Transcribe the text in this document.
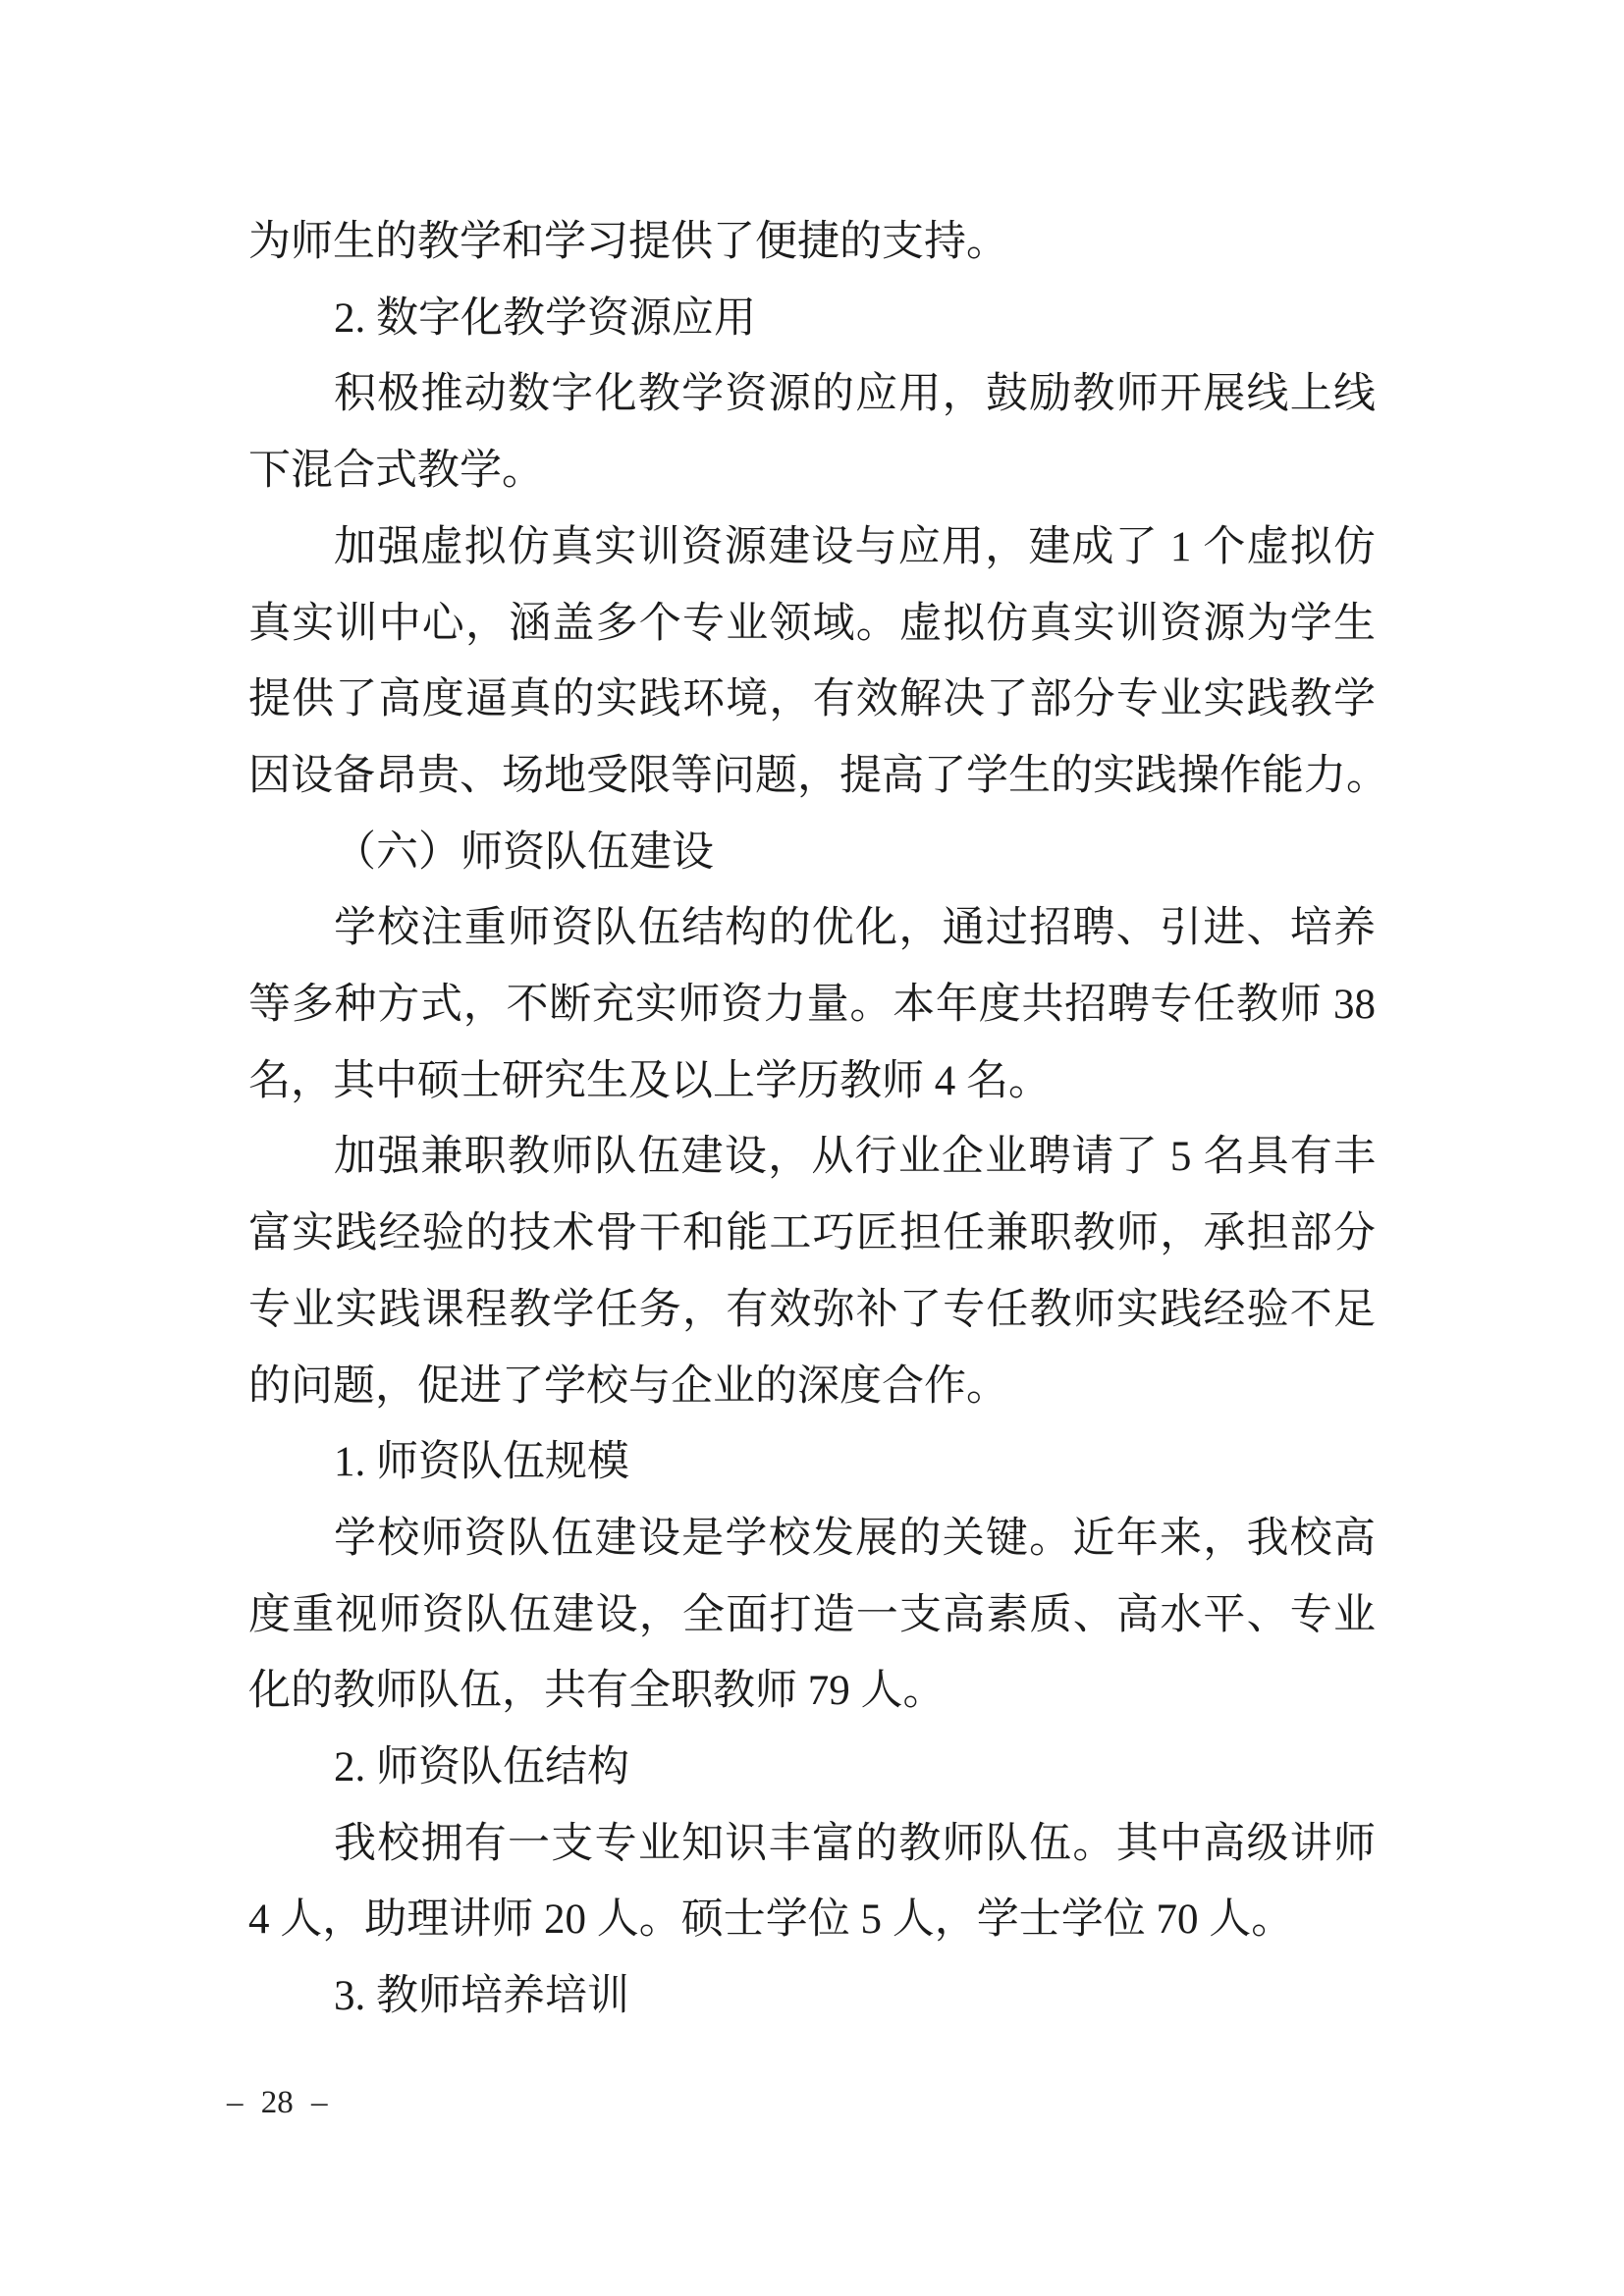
为师生的教学和学习提供了便捷的支持。
2. 数字化教学资源应用
积极推动数字化教学资源的应用，鼓励教师开展线上线
下混合式教学。
加强虚拟仿真实训资源建设与应用，建成了 1 个虚拟仿
真实训中心，涵盖多个专业领域。虚拟仿真实训资源为学生
提供了高度逼真的实践环境，有效解决了部分专业实践教学
因设备昂贵、场地受限等问题，提高了学生的实践操作能力。
（六）师资队伍建设
学校注重师资队伍结构的优化，通过招聘、引进、培养
等多种方式，不断充实师资力量。本年度共招聘专任教师 38
名，其中硕士研究生及以上学历教师 4 名。
加强兼职教师队伍建设，从行业企业聘请了 5 名具有丰
富实践经验的技术骨干和能工巧匠担任兼职教师，承担部分
专业实践课程教学任务，有效弥补了专任教师实践经验不足
的问题，促进了学校与企业的深度合作。
1. 师资队伍规模
学校师资队伍建设是学校发展的关键。近年来，我校高
度重视师资队伍建设，全面打造一支高素质、高水平、专业
化的教师队伍，共有全职教师 79 人。
2. 师资队伍结构
我校拥有一支专业知识丰富的教师队伍。其中高级讲师
4 人，助理讲师 20 人。硕士学位 5 人，学士学位 70 人。
3. 教师培养培训
– 28 –
